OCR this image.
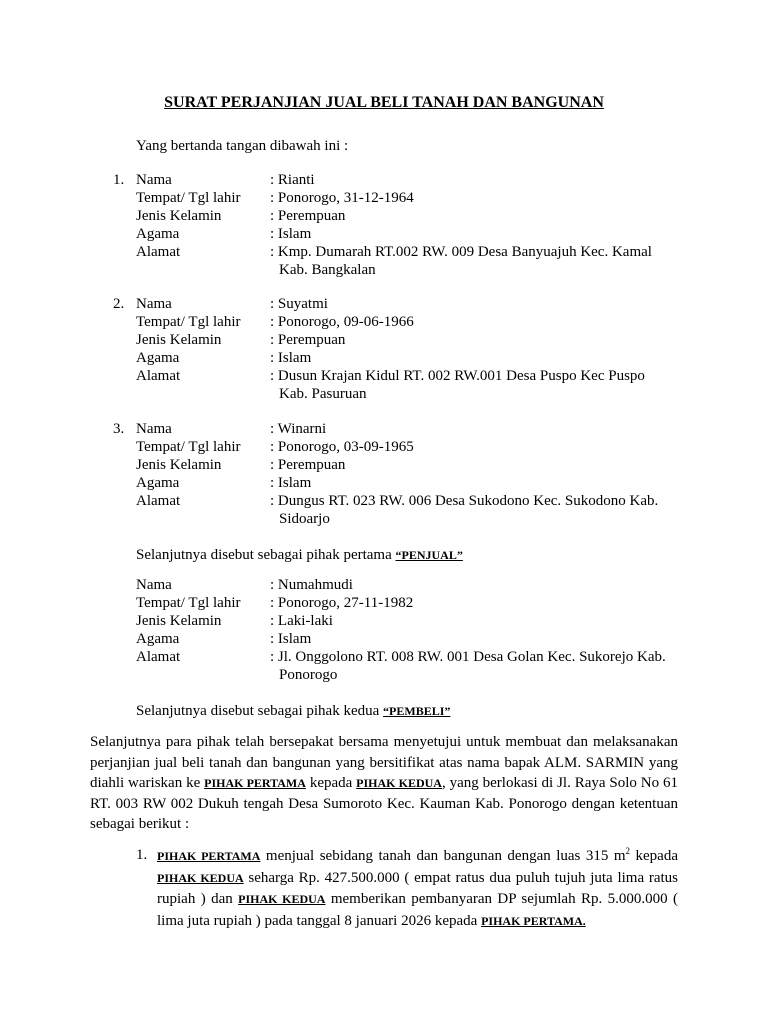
SURAT PERJANJIAN JUAL BELI TANAH DAN BANGUNAN
Yang bertanda tangan dibawah ini :
1. Nama	: Rianti
Tempat/ Tgl lahir : Ponorogo, 31-12-1964
Jenis Kelamin	: Perempuan
Agama	: Islam
Alamat	: Kmp. Dumarah RT.002 RW. 009 Desa Banyuajuh Kec. Kamal
Kab. Bangkalan
2. Nama	: Suyatmi
Tempat/ Tgl lahir : Ponorogo, 09-06-1966
Jenis Kelamin	: Perempuan
Agama	: Islam
Alamat	: Dusun Krajan Kidul RT. 002 RW.001 Desa Puspo Kec Puspo
Kab. Pasuruan
3. Nama	: Winarni
Tempat/ Tgl lahir : Ponorogo, 03-09-1965
Jenis Kelamin	: Perempuan
Agama	: Islam
Alamat	: Dungus RT. 023 RW. 006 Desa Sukodono Kec. Sukodono Kab.
Sidoarjo
Selanjutnya disebut sebagai pihak pertama “PENJUAL”
Nama	: Numahmudi
Tempat/ Tgl lahir : Ponorogo, 27-11-1982
Jenis Kelamin	: Laki-laki
Agama	: Islam
Alamat	: Jl. Onggolono RT. 008 RW. 001 Desa Golan Kec. Sukorejo Kab.
Ponorogo
Selanjutnya disebut sebagai pihak kedua “PEMBELI”
Selanjutnya para pihak telah bersepakat bersama menyetujui untuk membuat dan melaksanakan perjanjian jual beli tanah dan bangunan yang bersitifikat atas nama bapak ALM. SARMIN yang diahli wariskan ke PIHAK PERTAMA kepada PIHAK KEDUA, yang berlokasi di Jl. Raya Solo No 61 RT. 003 RW 002 Dukuh tengah Desa Sumoroto Kec. Kauman Kab. Ponorogo dengan ketentuan sebagai berikut :
1. PIHAK PERTAMA menjual sebidang tanah dan bangunan dengan luas 315 $m^2$ kepada PIHAK KEDUA seharga Rp. 427.500.000 ( empat ratus dua puluh tujuh juta lima ratus rupiah ) dan PIHAK KEDUA memberikan pembanyaran DP sejumlah Rp. 5.000.000 ( lima juta rupiah ) pada tanggal 8 januari 2026 kepada PIHAK PERTAMA.
